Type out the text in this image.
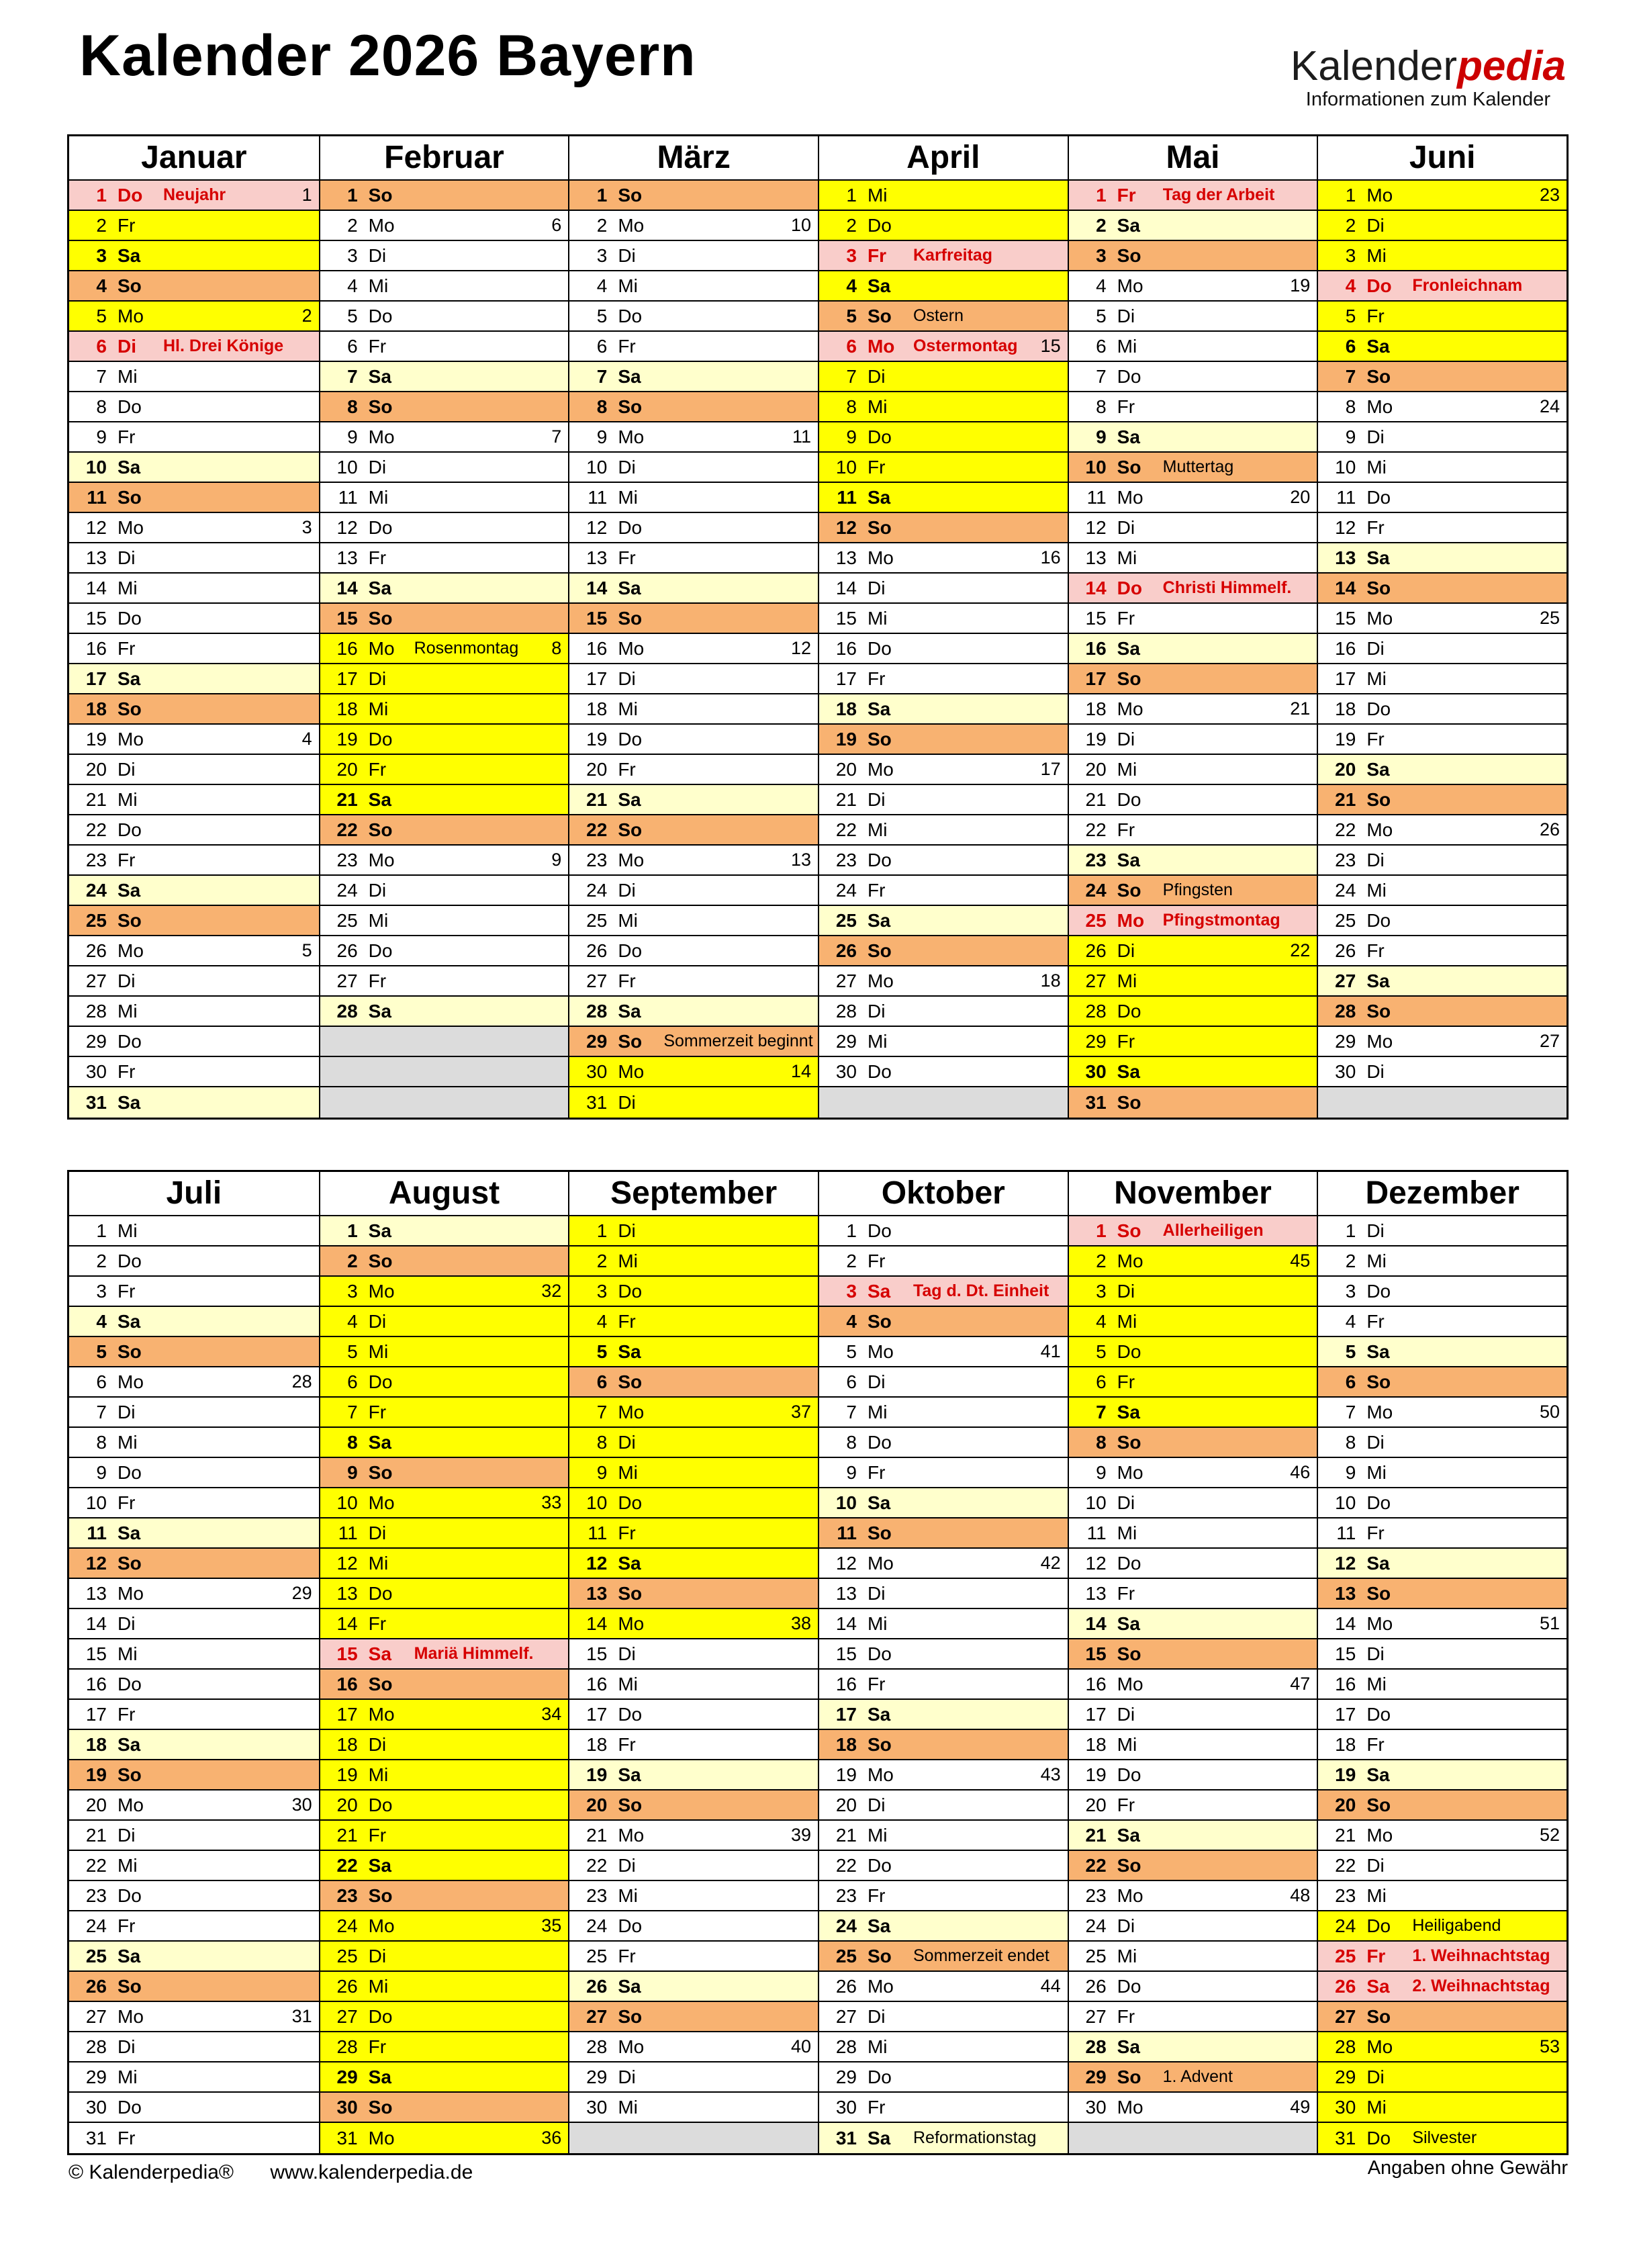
Kalender 2026 Bayern	Kalenderpedia
Informationen zum Kalender
Januar
1 Do	Neujahr	1
2 Fr
3 Sa
4 So
5 Mo	2
6 Di	Hl. Drei Könige
7 Mi
8 Do
9 Fr
10 Sa
11 So
12 Mo	3
13 Di
14 Mi
15 Do
16 Fr
17 Sa
18 So
19 Mo	4
20 Di
21 Mi
22 Do
23 Fr
24 Sa
25 So
26 Mo	5
27 Di
28 Mi
29 Do
30 Fr
31 Sa
Februar
1 So
2 Mo	6
3 Di
4 Mi
5 Do
6 Fr
7 Sa
8 So
9 Mo	7
10 Di
11 Mi
12 Do
13 Fr
14 Sa
15 So
16 Mo	Rosenmontag 8
17 Di
18 Mi
19 Do
20 Fr
21 Sa
22 So
23 Mo	9
24 Di
25 Mi
26 Do
27 Fr
28 Sa
März
1 So
2 Mo	10
3 Di
4 Mi
5 Do
6 Fr
7 Sa
8 So
9 Mo	11
10 Di
11 Mi
12 Do
13 Fr
14 Sa
15 So
16 Mo	12
17 Di
18 Mi
19 Do
20 Fr
21 Sa
22 So
23 Mo	13
24 Di
25 Mi
26 Do
27 Fr
28 Sa
29 So	Sommerzeit beginnt
30 Mo	14
31 Di
April
1 Mi
2 Do
3 Fr	Karfreitag
4 Sa
5 So	Ostern
6 Mo	Ostermontag 15
7 Di
8 Mi
9 Do
10 Fr
11 Sa
12 So
13 Mo	16
14 Di
15 Mi
16 Do
17 Fr
18 Sa
19 So
20 Mo	17
21 Di
22 Mi
23 Do
24 Fr
25 Sa
26 So
27 Mo	18
28 Di
29 Mi
30 Do
Mai
1 Fr	Tag der Arbeit
2 Sa
3 So
4 Mo	19
5 Di
6 Mi
7 Do
8 Fr
9 Sa
10 So	Muttertag
11 Mo	20
12 Di
13 Mi
14 Do	Christi Himmelf.
15 Fr
16 Sa
17 So
18 Mo	21
19 Di
20 Mi
21 Do
22 Fr
23 Sa
24 So	Pfingsten
25 Mo	Pfingstmontag
26 Di	22
27 Mi
28 Do
29 Fr
30 Sa
31 So
Juni
1 Mo	23
2 Di
3 Mi
4 Do	Fronleichnam
5 Fr
6 Sa
7 So
8 Mo	24
9 Di
10 Mi
11 Do
12 Fr
13 Sa
14 So
15 Mo	25
16 Di
17 Mi
18 Do
19 Fr
20 Sa
21 So
22 Mo	26
23 Di
24 Mi
25 Do
26 Fr
27 Sa
28 So
29 Mo	27
30 Di
Juli
1 Mi
2 Do
3 Fr
4 Sa
5 So
6 Mo	28
7 Di
8 Mi
9 Do
10 Fr
11 Sa
12 So
13 Mo	29
14 Di
15 Mi
16 Do
17 Fr
18 Sa
19 So
20 Mo	30
21 Di
22 Mi
23 Do
24 Fr
25 Sa
26 So
27 Mo	31
28 Di
29 Mi
30 Do
31 Fr
August
1 Sa
2 So
3 Mo	32
4 Di
5 Mi
6 Do
7 Fr
8 Sa
9 So
10 Mo	33
11 Di
12 Mi
13 Do
14 Fr
15 Sa	Mariä Himmelf.
16 So
17 Mo	34
18 Di
19 Mi
20 Do
21 Fr
22 Sa
23 So
24 Mo	35
25 Di
26 Mi
27 Do
28 Fr
29 Sa
30 So
31 Mo	36
September
1 Di
2 Mi
3 Do
4 Fr
5 Sa
6 So
7 Mo	37
8 Di
9 Mi
10 Do
11 Fr
12 Sa
13 So
14 Mo	38
15 Di
16 Mi
17 Do
18 Fr
19 Sa
20 So
21 Mo	39
22 Di
23 Mi
24 Do
25 Fr
26 Sa
27 So
28 Mo	40
29 Di
30 Mi
Oktober
1 Do
2 Fr
3 Sa	Tag d. Dt. Einheit
4 So
5 Mo	41
6 Di
7 Mi
8 Do
9 Fr
10 Sa
11 So
12 Mo	42
13 Di
14 Mi
15 Do
16 Fr
17 Sa
18 So
19 Mo	43
20 Di
21 Mi
22 Do
23 Fr
24 Sa
25 So	Sommerzeit endet
26 Mo	44
27 Di
28 Mi
29 Do
30 Fr
31 Sa	Reformationstag
November
1 So	Allerheiligen
2 Mo	45
3 Di
4 Mi
5 Do
6 Fr
7 Sa
8 So
9 Mo	46
10 Di
11 Mi
12 Do
13 Fr
14 Sa
15 So
16 Mo	47
17 Di
18 Mi
19 Do
20 Fr
21 Sa
22 So
23 Mo	48
24 Di
25 Mi
26 Do
27 Fr
28 Sa
29 So	1. Advent
30 Mo	49
Dezember
1 Di
2 Mi
3 Do
4 Fr
5 Sa
6 So
7 Mo	50
8 Di
9 Mi
10 Do
11 Fr
12 Sa
13 So
14 Mo	51
15 Di
16 Mi
17 Do
18 Fr
19 Sa
20 So
21 Mo	52
22 Di
23 Mi
24 Do	Heiligabend
25 Fr	1. Weihnachtstag
26 Sa	2. Weihnachtstag
27 So
28 Mo	53
29 Di
30 Mi
31 Do	Silvester
© Kalenderpedia® www.kalenderpedia.de	Angaben ohne Gewähr
